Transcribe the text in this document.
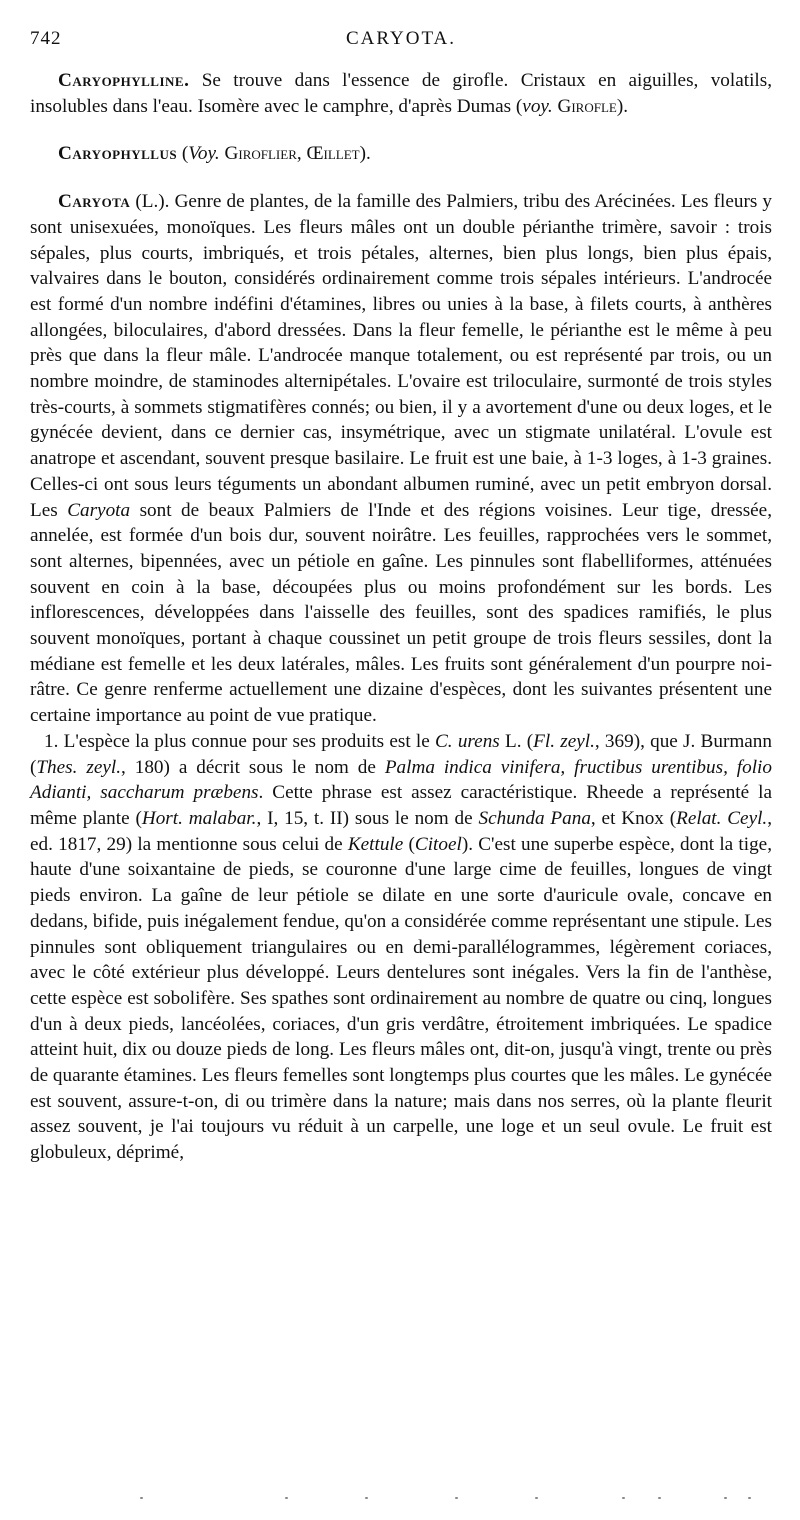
742	CARYOTA.

Caryophylline. Se trouve dans l'essence de girofle. Cristaux en aiguilles, volatils, insolubles dans l'eau. Isomère avec le camphre, d'après Dumas (voy. Girofle).

Caryophyllus (Voy. Giroflier, Œillet).

Caryota (L.). Genre de plantes, de la famille des Palmiers, tribu des Arécinées. Les fleurs y sont unisexuées, monoïques. Les fleurs mâles ont un double périanthe trimère, savoir : trois sépales, plus courts, imbriqués, et trois pétales, alternes, bien plus longs, bien plus épais, valvaires dans le bouton, considérés ordinairement comme trois sépales intérieurs. L'androcée est formé d'un nombre indéfini d'étamines, libres ou unies à la base, à filets courts, à anthères allongées, biloculaires, d'abord dressées. Dans la fleur femelle, le périanthe est le même à peu près que dans la fleur mâle. L'androcée manque totalement, ou est représenté par trois, ou un nombre moindre, de staminodes alternipétales. L'ovaire est triloculaire, surmonté de trois styles très-courts, à sommets stigmatifères connés; ou bien, il y a avortement d'une ou deux loges, et le gynécée devient, dans ce dernier cas, insymétrique, avec un stigmate unilatéral. L'ovule est anatrope et ascendant, souvent presque basilaire. Le fruit est une baie, à 1-3 loges, à 1-3 graines. Celles-ci ont sous leurs téguments un abondant albumen ruminé, avec un petit embryon dorsal. Les Caryota sont de beaux Palmiers de l'Inde et des régions voisines. Leur tige, dressée, annelée, est formée d'un bois dur, souvent noirâtre. Les feuilles, rapprochées vers le sommet, sont alternes, bipennées, avec un pétiole en gaîne. Les pinnules sont flabelliformes, atténuées souvent en coin à la base, découpées plus ou moins profondément sur les bords. Les inflorescences, développées dans l'aisselle des feuilles, sont des spadices ramifiés, le plus souvent monoïques, portant à chaque coussinet un petit groupe de trois fleurs sessiles, dont la médiane est femelle et les deux latérales, mâles. Les fruits sont généralement d'un pourpre noirâtre. Ce genre renferme actuellement une dizaine d'espèces, dont les suivantes présentent une certaine importance au point de vue pratique.

1. L'espèce la plus connue pour ses produits est le C. urens L. (Fl. zeyl., 369), que J. Burmann (Thes. zeyl., 180) a décrit sous le nom de Palma indica vinifera, fructibus urentibus, folio Adianti, saccharum præbens. Cette phrase est assez caractéristique. Rheede a représenté la même plante (Hort. malabar., I, 15, t. II) sous le nom de Schunda Pana, et Knox (Relat. Ceyl., ed. 1817, 29) la mentionne sous celui de Kettule (Citoel). C'est une superbe espèce, dont la tige, haute d'une soixantaine de pieds, se couronne d'une large cime de feuilles, longues de vingt pieds environ. La gaîne de leur pétiole se dilate en une sorte d'auricule ovale, concave en dedans, bifide, puis inégalement fendue, qu'on a considérée comme représentant une stipule. Les pinnules sont obliquement triangulaires ou en demi-parallélogrammes, légèrement coriaces, avec le côté extérieur plus développé. Leurs dentelures sont inégales. Vers la fin de l'anthèse, cette espèce est sobolifère. Ses spathes sont ordinairement au nombre de quatre ou cinq, longues d'un à deux pieds, lancéolées, coriaces, d'un gris verdâtre, étroitement imbriquées. Le spadice atteint huit, dix ou douze pieds de long. Les fleurs mâles ont, dit-on, jusqu'à vingt, trente ou près de quarante étamines. Les fleurs femelles sont longtemps plus courtes que les mâles. Le gynécée est souvent, assure-t-on, di ou trimère dans la nature; mais dans nos serres, où la plante fleurit assez souvent, je l'ai toujours vu réduit à un carpelle, une loge et un seul ovule. Le fruit est globuleux, déprimé,
